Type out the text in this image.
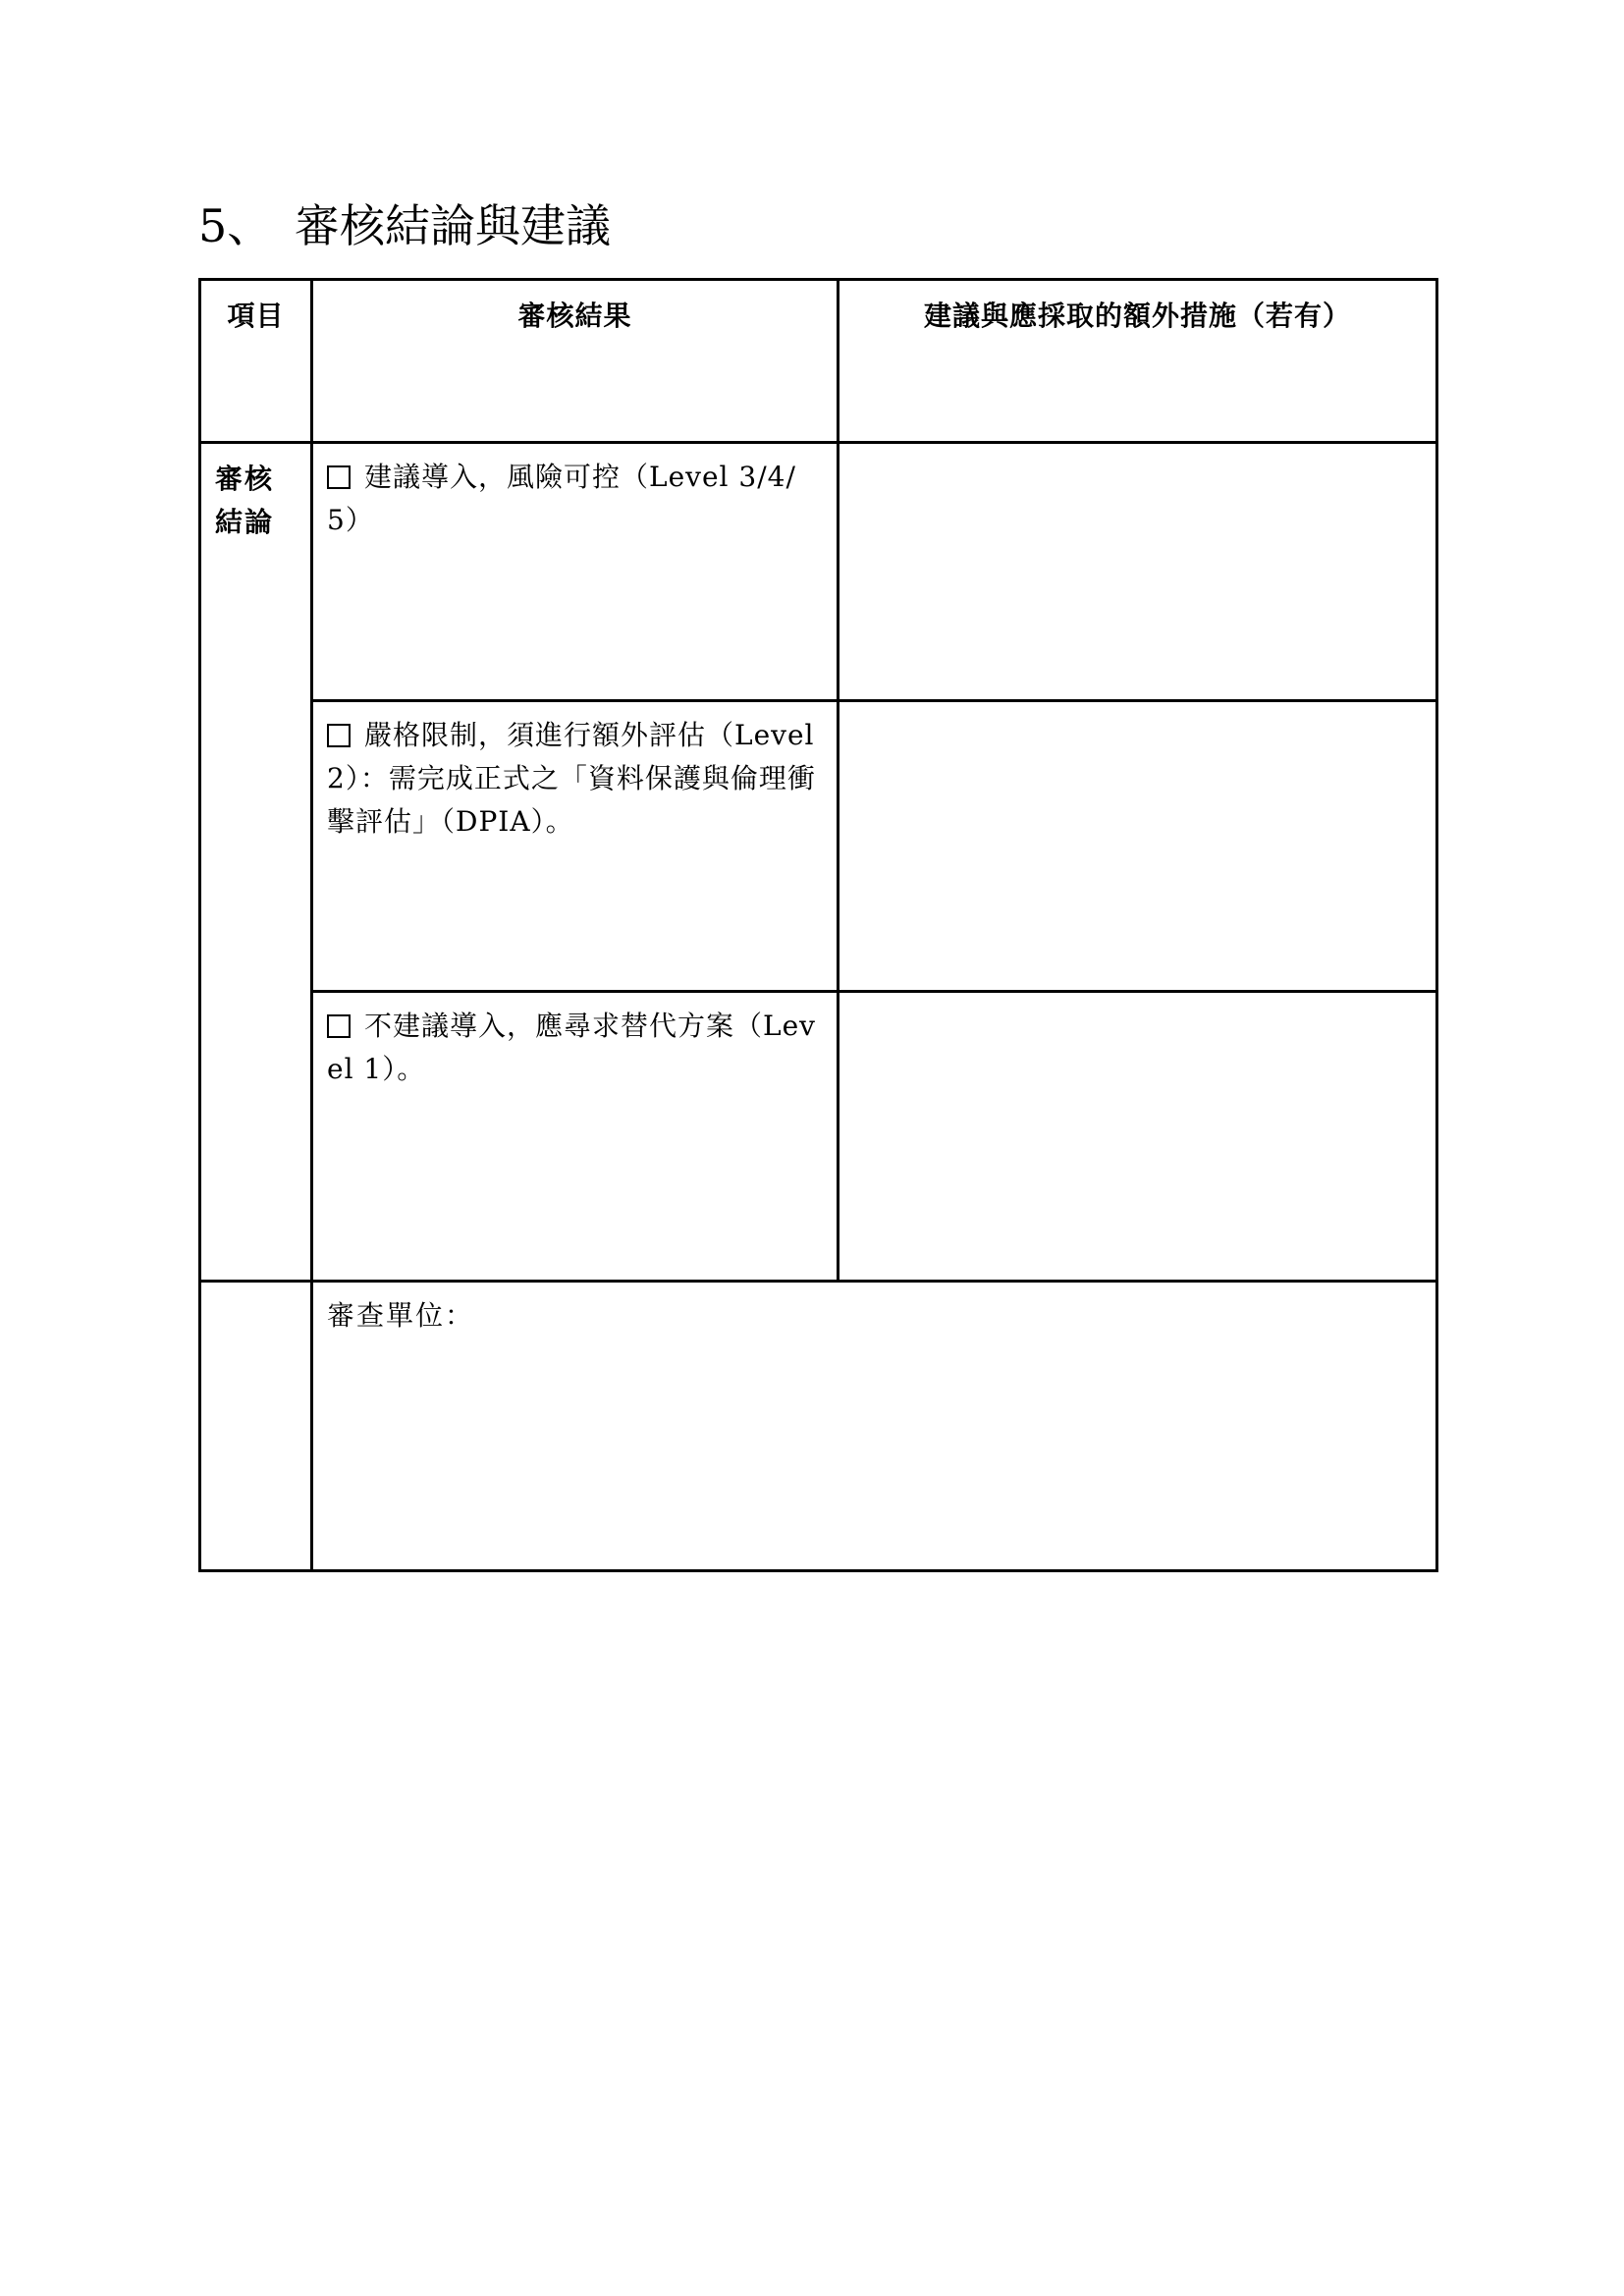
5、 審核結論與建議
項目	審核結果	建議與應採取的額外措施（若有）

審核結論	建議導入，風險可控（Level 3/4/5）	
	嚴格限制，須進行額外評估（Level 2）：需完成正式之「資料保護與倫理衝擊評估」（DPIA）。	
	不建議導入，應尋求替代方案（Level 1）。	
	審查單位：	
